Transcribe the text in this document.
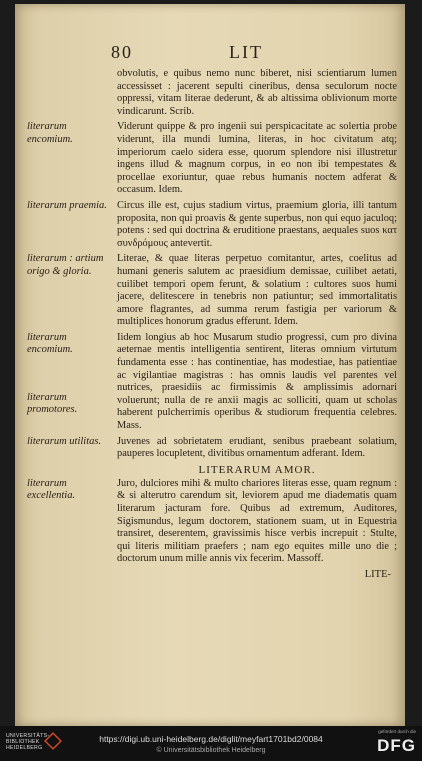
80	LIT
obvolutis, e quibus nemo nunc biberet, nisi scientiarum lumen accessisset : jacerent sepulti cineribus, densa seculorum nocte oppressi, vitam literae dederunt, & ab altissima oblivionum morte vindicarunt. Scrib.
literarum encomium.
Viderunt quippe & pro ingenii sui perspicacitate ac solertia probe viderunt, illa mundi lumina, literas, in hoc civitatum atq; imperiorum caelo sidera esse, quorum splendore nisi illustretur ingens illud & magnum corpus, in eo non ibi tempestates & procellae exoriuntur, quae rebus humanis noctem adferat & occasum. Idem.
literarum praemia. Circus ille est, cujus stadium virtus, praemium gloria, illi tantum proposita, non qui proavis & gente superbus, non qui equo jaculoq; potens : sed qui doctrina & eruditione praestans, aequales suos κατ συνδρόμους antevertit.
literarum : artium origo & gloria.
Literae, & quae literas perpetuo comitantur, artes, coelitus ad humani generis salutem ac praesidium demissae, cuilibet aetati, cuilibet tempori opem ferunt, & solatium : cultores suos humi jacere, delitescere in tenebris non patiuntur; sed immortalitatis amore flagrantes, ad summa rerum fastigia per variorum & multiplices honorum gradus efferunt. Idem.
literarum encomium.
literarum promotores.
Iidem longius ab hoc Musarum studio progressi, cum pro divina aeternae mentis intelligentia sentirent, literas omnium virtutum fundamenta esse : has continentiae, has modestiae, has patientiae ac vigilantiae magistras : has omnis laudis vel parentes vel nutrices, praesidiis ac firmissimis & amplissimis adornari voluerunt; nulla de re anxii magis ac solliciti, quam ut scholas haberent pulcherrimis operibus & studiorum frequentia celebres. Mass.
literarum utilitas.	Juvenes ad sobrietatem erudiant, senibus praebeant solatium, pauperes locupletent, divitibus ornamentum adferant. Idem.
LITERARUM AMOR.
literarum excellentia.
Juro, dulciores mihi & multo chariores literas esse, quam regnum : & si alterutro carendum sit, leviorem apud me diadematis quam literarum jacturam fore. Quibus ad extremum, Auditores, Sigismundus, legum doctorem, stationem suam, ut in Equestria transiret, deserentem, gravissimis hisce verbis increpuit : Stulte, qui literis militiam praefers ; nam ego equites mille uno die ; doctorum unum mille annis vix fecerim. Massoff.
LITE-
UNIVERSITÄTS-BIBLIOTHEK HEIDELBERG
https://digi.ub.uni-heidelberg.de/diglit/meyfart1701bd2/0084
© Universitätsbibliothek Heidelberg
gefördert durch die
DFG
